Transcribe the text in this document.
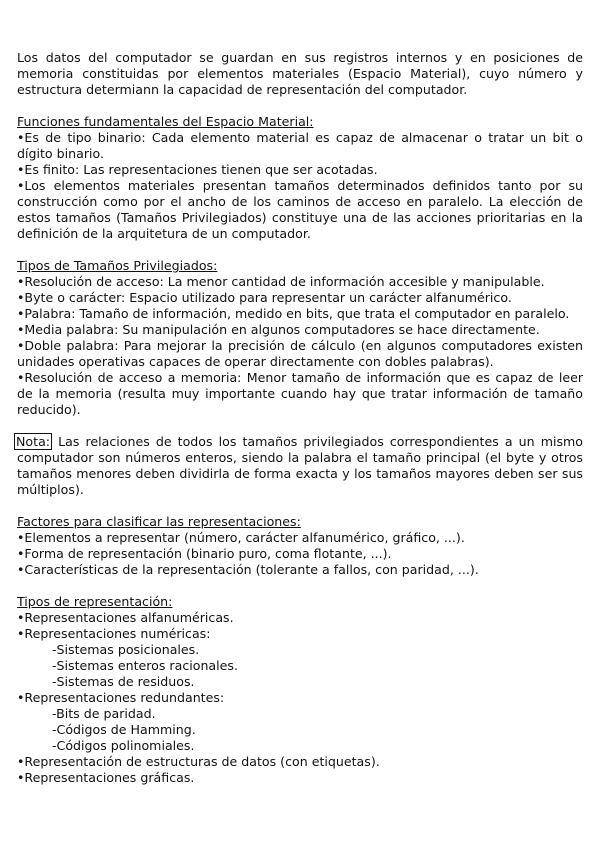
Los datos del computador se guardan en sus registros internos y en posiciones de memoria constituidas por elementos materiales (Espacio Material), cuyo número y estructura determiann la capacidad de representación del computador.

Funciones fundamentales del Espacio Material:

•Es de tipo binario: Cada elemento material es capaz de almacenar o tratar un bit o dígito binario.

•Es finito: Las representaciones tienen que ser acotadas.

•Los elementos materiales presentan tamaños determinados definidos tanto por su construcción como por el ancho de los caminos de acceso en paralelo. La elección de estos tamaños (Tamaños Privilegiados) constituye una de las acciones prioritarias en la definición de la arquitetura de un computador.

Tipos de Tamaños Privilegiados:

•Resolución de acceso: La menor cantidad de información accesible y manipulable.

•Byte o carácter: Espacio utilizado para representar un carácter alfanumérico.

•Palabra: Tamaño de información, medido en bits, que trata el computador en paralelo.

•Media palabra: Su manipulación en algunos computadores se hace directamente.

•Doble palabra: Para mejorar la precisión de cálculo (en algunos computadores existen unidades operativas capaces de operar directamente con dobles palabras).

•Resolución de acceso a memoria: Menor tamaño de información que es capaz de leer de la memoria (resulta muy importante cuando hay que tratar información de tamaño reducido).

Nota: Las relaciones de todos los tamaños privilegiados correspondientes a un mismo computador son números enteros, siendo la palabra el tamaño principal (el byte y otros tamaños menores deben dividirla de forma exacta y los tamaños mayores deben ser sus múltiplos).

Factores para clasificar las representaciones:

•Elementos a representar (número, carácter alfanumérico, gráfico, ...).

•Forma de representación (binario puro, coma flotante, ...).

•Características de la representación (tolerante a fallos, con paridad, ...).

Tipos de representación:

•Representaciones alfanuméricas.

•Representaciones numéricas:

-Sistemas posicionales.

-Sistemas enteros racionales.

-Sistemas de residuos.

•Representaciones redundantes:

-Bits de paridad.

-Códigos de Hamming.

-Códigos polinomiales.

•Representación de estructuras de datos (con etiquetas).

•Representaciones gráficas.
